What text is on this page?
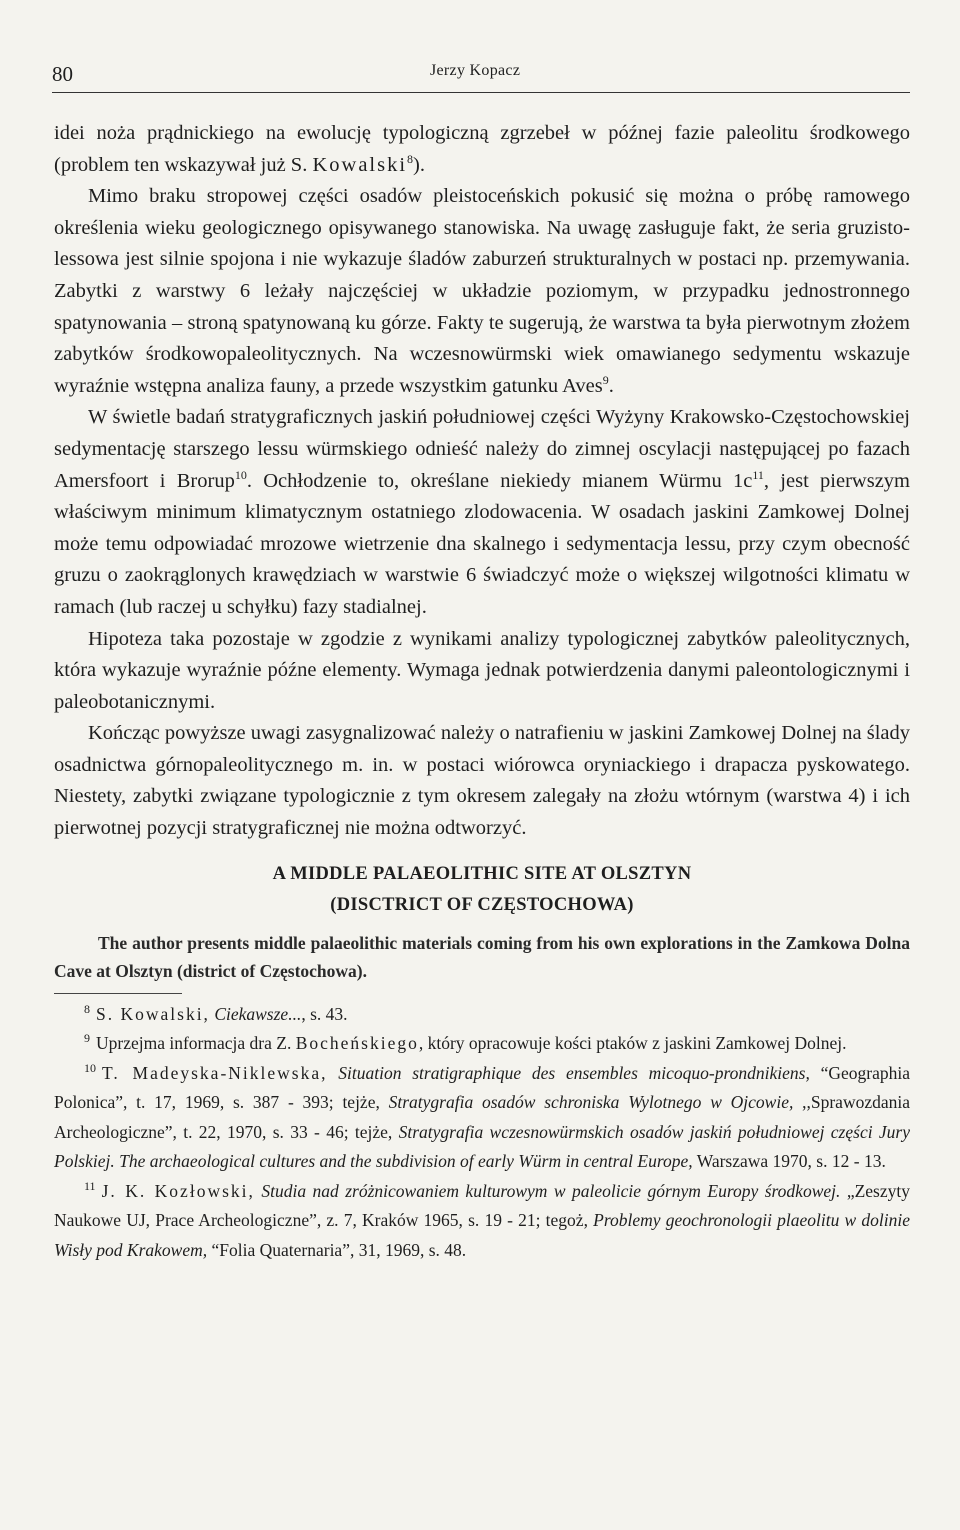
80	Jerzy Kopacz

idei noża prądnickiego na ewolucję typologiczną zgrzebeł w późnej fazie paleolitu środkowego (problem ten wskazywał już S. Kowalski$^8$).

Mimo braku stropowej części osadów pleistoceńskich pokusić się można o próbę ramowego określenia wieku geologicznego opisywanego stanowiska. Na uwagę zasługuje fakt, że seria gruzisto-lessowa jest silnie spojona i nie wykazuje śladów zaburzeń strukturalnych w postaci np. przemywania. Zabytki z warstwy 6 leżały najczęściej w układzie poziomym, w przypadku jednostronnego spatynowania – stroną spatynowaną ku górze. Fakty te sugerują, że warstwa ta była pierwotnym złożem zabytków środkowopaleolitycznych. Na wczesnowürmski wiek omawianego sedymentu wskazuje wyraźnie wstępna analiza fauny, a przede wszystkim gatunku Aves$^9$.

W świetle badań stratygraficznych jaskiń południowej części Wyżyny Krakowsko-Częstochowskiej sedymentację starszego lessu würmskiego odnieść należy do zimnej oscylacji następującej po fazach Amersfoort i Brorup$^{10}$. Ochłodzenie to, określane niekiedy mianem Würmu $1c^{11}$, jest pierwszym właściwym minimum klimatycznym ostatniego zlodowacenia. W osadach jaskini Zamkowej Dolnej może temu odpowiadać mrozowe wietrzenie dna skalnego i sedymentacja lessu, przy czym obecność gruzu o zaokrąglonych krawędziach w warstwie 6 świadczyć może o większej wilgotności klimatu w ramach (lub raczej u schyłku) fazy stadialnej.

Hipoteza taka pozostaje w zgodzie z wynikami analizy typologicznej zabytków paleolitycznych, która wykazuje wyraźnie późne elementy. Wymaga jednak potwierdzenia danymi paleontologicznymi i paleobotanicznymi.

Kończąc powyższe uwagi zasygnalizować należy o natrafieniu w jaskini Zamkowej Dolnej na ślady osadnictwa górnopaleolitycznego m. in. w postaci wiórowca oryniackiego i drapacza pyskowatego. Niestety, zabytki związane typologicznie z tym okresem zalegały na złożu wtórnym (warstwa 4) i ich pierwotnej pozycji stratygraficznej nie można odtworzyć.

A MIDDLE PALAEOLITHIC SITE AT OLSZTYN
(DISCTRICT OF CZĘSTOCHOWA)

The author presents middle palaeolithic materials coming from his own explorations in the Zamkowa Dolna Cave at Olsztyn (district of Częstochowa).

$^8$ S. Kowalski, Ciekawsze..., s. 43.

$^9$ Uprzejma informacja dra Z. Bocheńskiego, który opracowuje kości ptaków z jaskini Zamkowej Dolnej.

$^{10}$ T. Madeyska-Niklewska, Situation stratigraphique des ensembles micoquo-prondnikiens, “Geographia Polonica”, t. 17, 1969, s. 387 - 393; tejże, Stratygrafia osadów schroniska Wylotnego w Ojcowie, ,,Sprawozdania Archeologiczne”, t. 22, 1970, s. 33 - 46; tejże, Stratygrafia wczesnowürmskich osadów jaskiń południowej części Jury Polskiej. The archaeological cultures and the subdivision of early Würm in central Europe, Warszawa 1970, s. 12 - 13.

$^{11}$ J. K. Kozłowski, Studia nad zróżnicowaniem kulturowym w paleolicie górnym Europy środkowej. „Zeszyty Naukowe UJ, Prace Archeologiczne”, z. 7, Kraków 1965, s. 19 - 21; tegoż, Problemy geochronologii plaeolitu w dolinie Wisły pod Krakowem, “Folia Quaternaria”, 31, 1969, s. 48.
